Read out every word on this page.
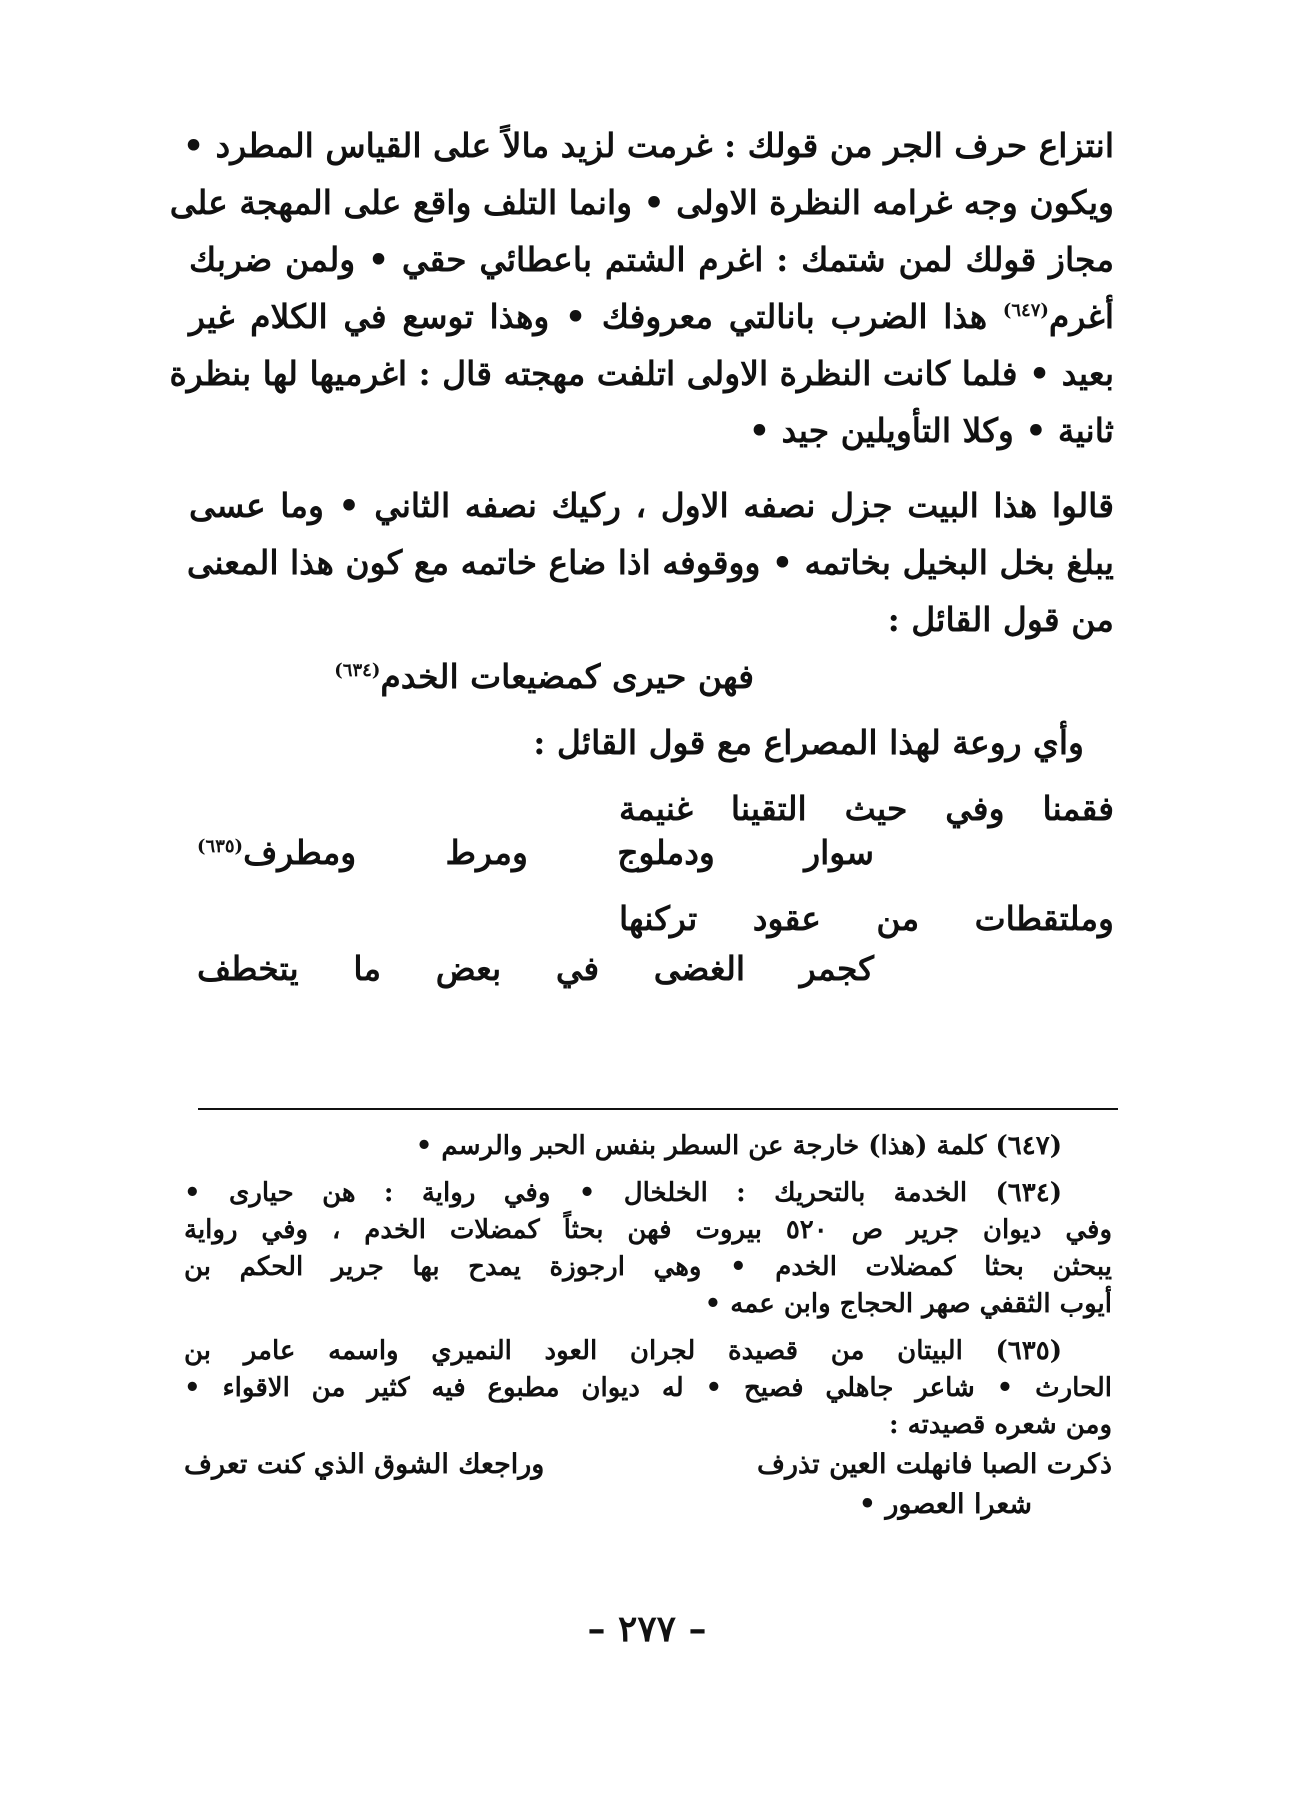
انتزاع حرف الجر من قولك : غرمت لزيد مالاً على القياس المطرد •
ويكون وجه غرامه النظرة الاولى • وانما التلف واقع على المهجة على
مجاز قولك لمن شتمك : اغرم الشتم باعطائي حقي • ولمن ضربك
أغرم$^{(٦٤٧)}$ هذا الضرب بانالتي معروفك • وهذا توسع في الكلام غير
بعيد • فلما كانت النظرة الاولى اتلفت مهجته قال : اغرميها لها بنظرة
ثانية • وكلا التأويلين جيد •
قالوا هذا البيت جزل نصفه الاول ، ركيك نصفه الثاني • وما عسى
يبلغ بخل البخيل بخاتمه • ووقوفه اذا ضاع خاتمه مع كون هذا المعنى
من قول القائل :
فهن حيرى كمضيعات الخدم$^{(٦٣٤)}$
وأي روعة لهذا المصراع مع قول القائل :
فقمنا وفي حيث التقينا غنيمة
سوار ودملوج ومرط ومطرف$^{(٦٣٥)}$
وملتقطات من عقود تركنها
كجمر الغضى في بعض ما يتخطف
(٦٤٧) كلمة (هذا) خارجة عن السطر بنفس الحبر والرسم •
(٦٣٤) الخدمة بالتحريك : الخلخال • وفي رواية : هن حيارى •
وفي ديوان جرير ص ٥٢٠ بيروت فهن بحثاً كمضلات الخدم ، وفي رواية
يبحثن بحثا كمضلات الخدم • وهي ارجوزة يمدح بها جرير الحكم بن
أيوب الثقفي صهر الحجاج وابن عمه •
(٦٣٥) البيتان من قصيدة لجران العود النميري واسمه عامر بن
الحارث • شاعر جاهلي فصيح • له ديوان مطبوع فيه كثير من الاقواء •
ومن شعره قصيدته :
ذكرت الصبا فانهلت العين تذرف
وراجعك الشوق الذي كنت تعرف
شعرا العصور •
– ٢٧٧ –
